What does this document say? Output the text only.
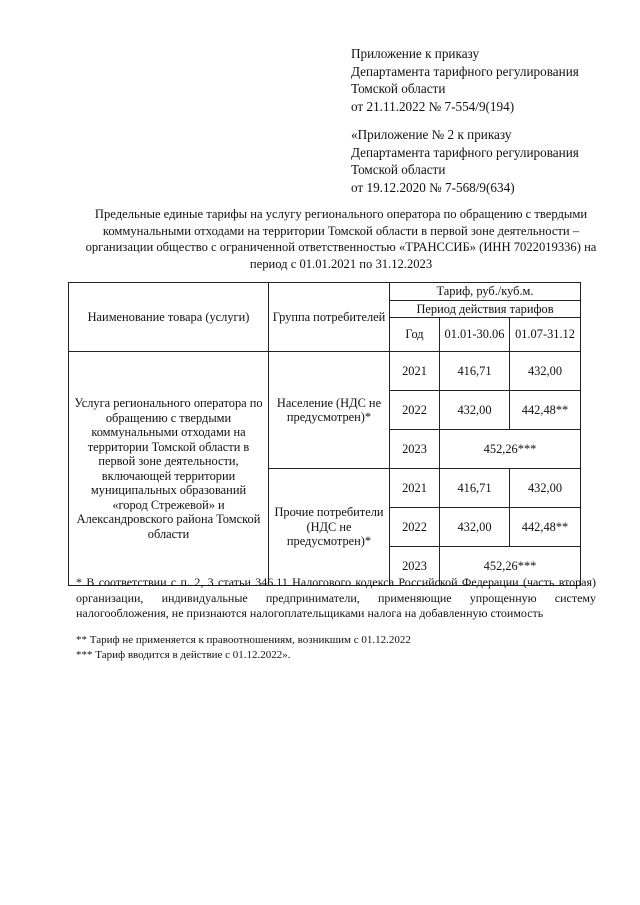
Приложение к приказу
Департамента тарифного регулирования
Томской области
от 21.11.2022 № 7-554/9(194)
«Приложение № 2 к приказу
Департамента тарифного регулирования
Томской области
от 19.12.2020 № 7-568/9(634)
Предельные единые тарифы на услугу регионального оператора по обращению с твердыми коммунальными отходами на территории Томской области в первой зоне деятельности – организации общество с ограниченной ответственностью «ТРАНССИБ» (ИНН 7022019336) на период с 01.01.2021 по 31.12.2023
Наименование товара (услуги)	Группа потребителей	Тариф, руб./куб.м.		
		Период действия тарифов		
		Год	01.01-30.06	01.07-31.12
Услуга регионального оператора по обращению с твердыми коммунальными отходами на территории Томской области в первой зоне деятельности, включающей территории муниципальных образований «город Стрежевой» и Александровского района Томской области	Население (НДС не предусмотрен)*	2021	416,71	432,00
		2022	432,00	442,48**
		2023	452,26***	
	Прочие потребители (НДС не предусмотрен)*	2021	416,71	432,00
		2022	432,00	442,48**
		2023	452,26***	
* В соответствии с п. 2, 3 статьи 346.11 Налогового кодекса Российской Федерации (часть вторая) организации, индивидуальные предприниматели, применяющие упрощенную систему налогообложения, не признаются налогоплательщиками налога на добавленную стоимость
** Тариф не применяется к правоотношениям, возникшим с 01.12.2022
*** Тариф вводится в действие с 01.12.2022».
